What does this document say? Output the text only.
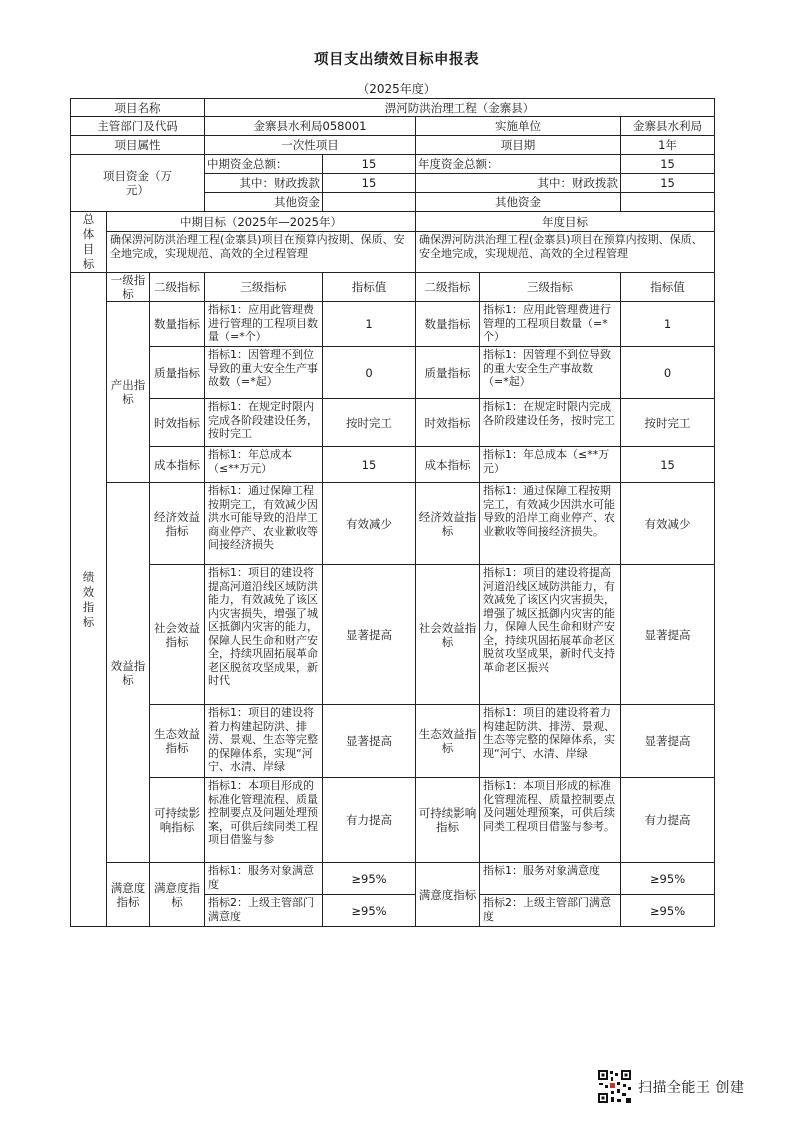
项目支出绩效目标申报表
（2025年度）
项目名称			淠河防洪治理工程（金寨县）				
主管部门及代码			金寨县水利局058001		实施单位		金寨县水利局
项目属性			一次性项目		项目期		1年
项目资金（万元）			中期资金总额：	15	年度资金总额：		15
			其中：财政拨款	15	其中：财政拨款		15
			其他资金		其他资金		
总体目标	中期目标（2025年—2025年）				年度目标		
	确保淠河防洪治理工程(金寨县)项目在预算内按期、保质、安全地完成，实现规范、高效的全过程管理				确保淠河防洪治理工程(金寨县)项目在预算内按期、保质、安全地完成，实现规范、高效的全过程管理		
绩效指标	一级指标	二级指标	三级指标	指标值	二级指标	三级指标	指标值
	产出指标	数量指标	指标1：应用此管理费进行管理的工程项目数量（=*个）	1	数量指标	指标1：应用此管理费进行管理的工程项目数量（=*个）	1
		质量指标	指标1：因管理不到位导致的重大安全生产事故数（=*起）	0	质量指标	指标1：因管理不到位导致的重大安全生产事故数（=*起）	0
		时效指标	指标1：在规定时限内完成各阶段建设任务，按时完工	按时完工	时效指标	指标1：在规定时限内完成各阶段建设任务，按时完工	按时完工
		成本指标	指标1：年总成本（≤**万元）	15	成本指标	指标1：年总成本（≤**万元）	15
	效益指标	经济效益指标	指标1：通过保障工程按期完工，有效减少因洪水可能导致的沿岸工商业停产、农业歉收等间接经济损失	有效减少	经济效益指标	指标1：通过保障工程按期完工，有效减少因洪水可能导致的沿岸工商业停产、农业歉收等间接经济损失。	有效减少
		社会效益指标	指标1：项目的建设将提高河道沿线区域防洪能力，有效减免了该区内灾害损失，增强了城区抵御内灾害的能力，保障人民生命和财产安全，持续巩固拓展革命老区脱贫攻坚成果，新时代	显著提高	社会效益指标	指标1：项目的建设将提高河道沿线区域防洪能力，有效减免了该区内灾害损失，增强了城区抵御内灾害的能力，保障人民生命和财产安全，持续巩固拓展革命老区脱贫攻坚成果，新时代支持革命老区振兴	显著提高
		生态效益指标	指标1：项目的建设将着力构建起防洪、排涝、景观、生态等完整的保障体系，实现“河宁、水清、岸绿	显著提高	生态效益指标	指标1：项目的建设将着力构建起防洪、排涝、景观、生态等完整的保障体系，实现“河宁、水清、岸绿	显著提高
		可持续影响指标	指标1：本项目形成的标准化管理流程、质量控制要点及问题处理预案，可供后续同类工程项目借鉴与参	有力提高	可持续影响指标	指标1：本项目形成的标准化管理流程、质量控制要点及问题处理预案，可供后续同类工程项目借鉴与参考。	有力提高
	满意度指标	满意度指标	指标1：服务对象满意度	≥95%	满意度指标	指标1：服务对象满意度	≥95%
			指标2：上级主管部门满意度	≥95%		指标2：上级主管部门满意度	≥95%
扫描全能王 创建
